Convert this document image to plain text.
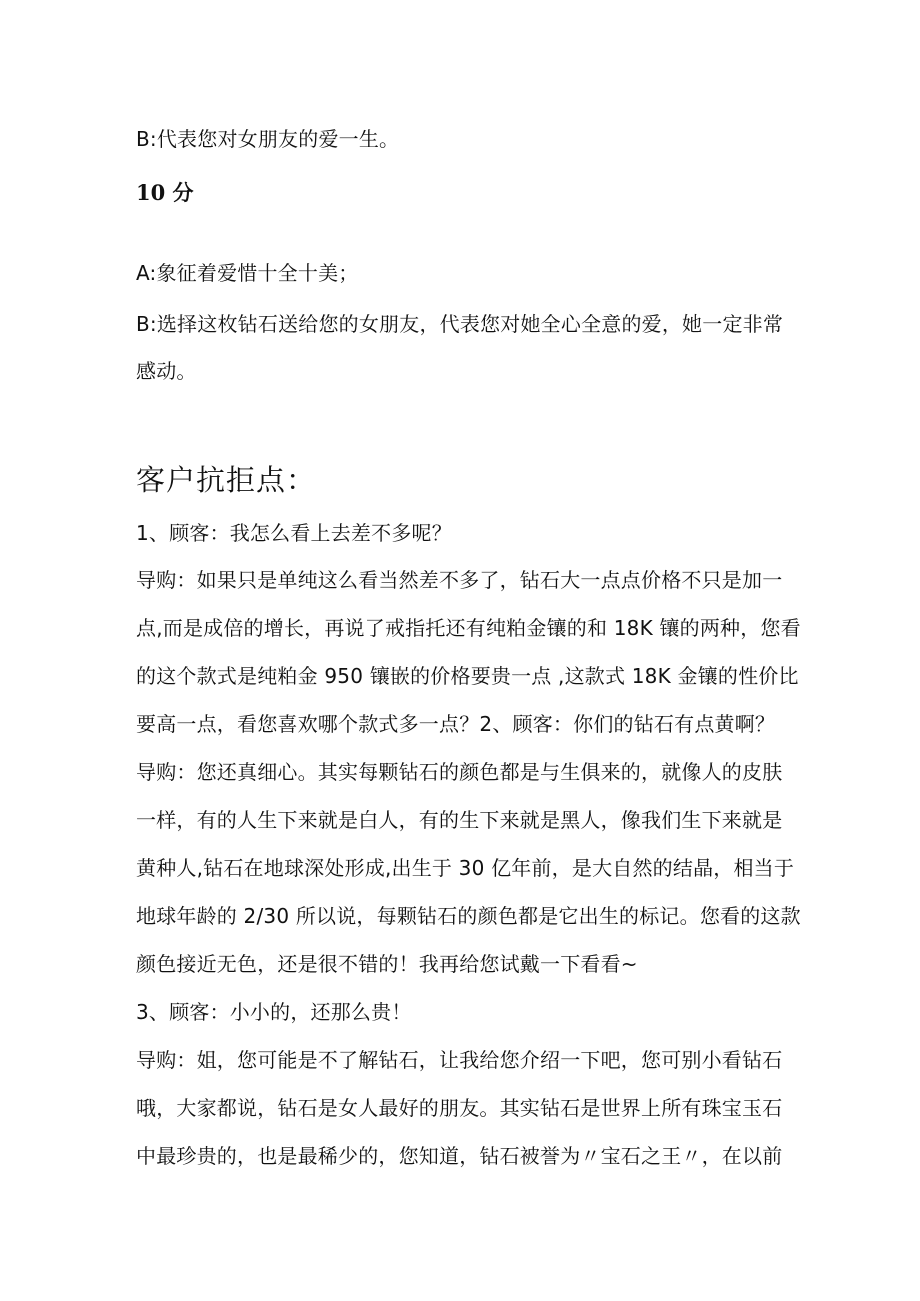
B:代表您对女朋友的爱一生。
10 分
A:象征着爱惜十全十美；
B:选择这枚钻石送给您的女朋友，代表您对她全心全意的爱，她一定非常
感动。
客户抗拒点：
1、顾客：我怎么看上去差不多呢？
导购：如果只是单纯这么看当然差不多了，钻石大一点点价格不只是加一
点,而是成倍的增长，再说了戒指托还有纯粕金镶的和 18K 镶的两种，您看
的这个款式是纯粕金 950 镶嵌的价格要贵一点 ,这款式 18K 金镶的性价比
要高一点，看您喜欢哪个款式多一点？2、顾客：你们的钻石有点黄啊？
导购：您还真细心。其实每颗钻石的颜色都是与生俱来的，就像人的皮肤
一样，有的人生下来就是白人，有的生下来就是黑人，像我们生下来就是
黄种人,钻石在地球深处形成,出生于 30 亿年前，是大自然的结晶，相当于
地球年龄的 2/30 所以说，每颗钻石的颜色都是它出生的标记。您看的这款
颜色接近无色，还是很不错的！我再给您试戴一下看看~
3、顾客：小小的，还那么贵！
导购：姐，您可能是不了解钻石，让我给您介绍一下吧，您可别小看钻石
哦，大家都说，钻石是女人最好的朋友。其实钻石是世界上所有珠宝玉石
中最珍贵的，也是最稀少的，您知道，钻石被誉为〃宝石之王〃，在以前
